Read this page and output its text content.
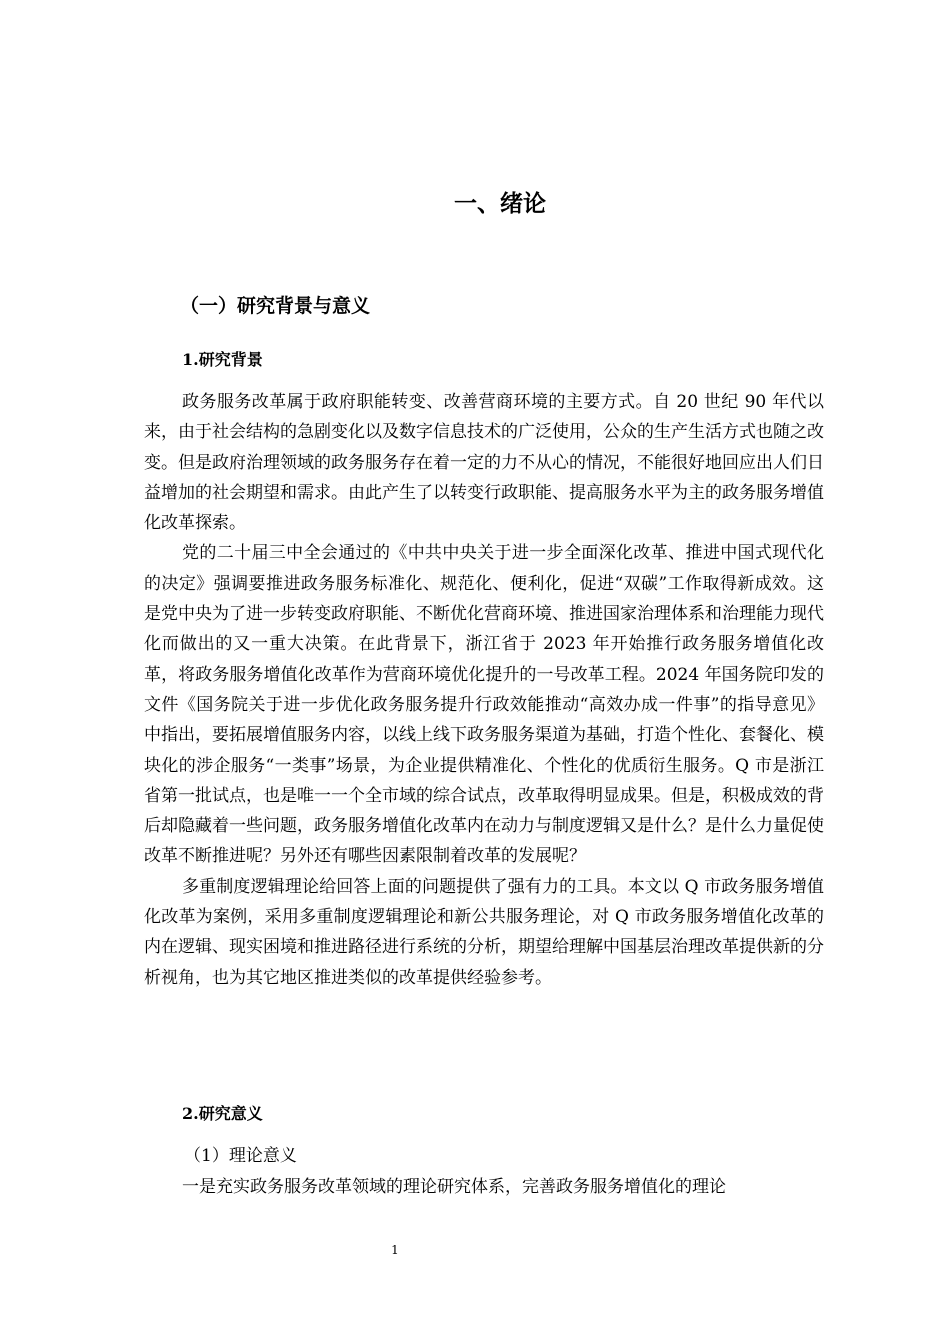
一、绪论
（一）研究背景与意义
1.研究背景

政务服务改革属于政府职能转变、改善营商环境的主要方式。自 20 世纪 90 年代以来，由于社会结构的急剧变化以及数字信息技术的广泛使用，公众的生产生活方式也随之改变。但是政府治理领域的政务服务存在着一定的力不从心的情况，不能很好地回应出人们日益增加的社会期望和需求。由此产生了以转变行政职能、提高服务水平为主的政务服务增值化改革探索。

党的二十届三中全会通过的《中共中央关于进一步全面深化改革、推进中国式现代化的决定》强调要推进政务服务标准化、规范化、便利化，促进“双碳”工作取得新成效。这是党中央为了进一步转变政府职能、不断优化营商环境、推进国家治理体系和治理能力现代化而做出的又一重大决策。在此背景下，浙江省于 2023 年开始推行政务服务增值化改革，将政务服务增值化改革作为营商环境优化提升的一号改革工程。2024 年国务院印发的文件《国务院关于进一步优化政务服务提升行政效能推动“高效办成一件事”的指导意见》中指出，要拓展增值服务内容，以线上线下政务服务渠道为基础，打造个性化、套餐化、模块化的涉企服务“一类事”场景，为企业提供精准化、个性化的优质衍生服务。Q 市是浙江省第一批试点，也是唯一一个全市域的综合试点，改革取得明显成果。但是，积极成效的背后却隐藏着一些问题，政务服务增值化改革内在动力与制度逻辑又是什么？是什么力量促使改革不断推进呢？另外还有哪些因素限制着改革的发展呢？

多重制度逻辑理论给回答上面的问题提供了强有力的工具。本文以 Q 市政务服务增值化改革为案例，采用多重制度逻辑理论和新公共服务理论，对 Q 市政务服务增值化改革的内在逻辑、现实困境和推进路径进行系统的分析，期望给理解中国基层治理改革提供新的分析视角，也为其它地区推进类似的改革提供经验参考。

2.研究意义
（1）理论意义
一是充实政务服务改革领域的理论研究体系，完善政务服务增值化的理论
1
